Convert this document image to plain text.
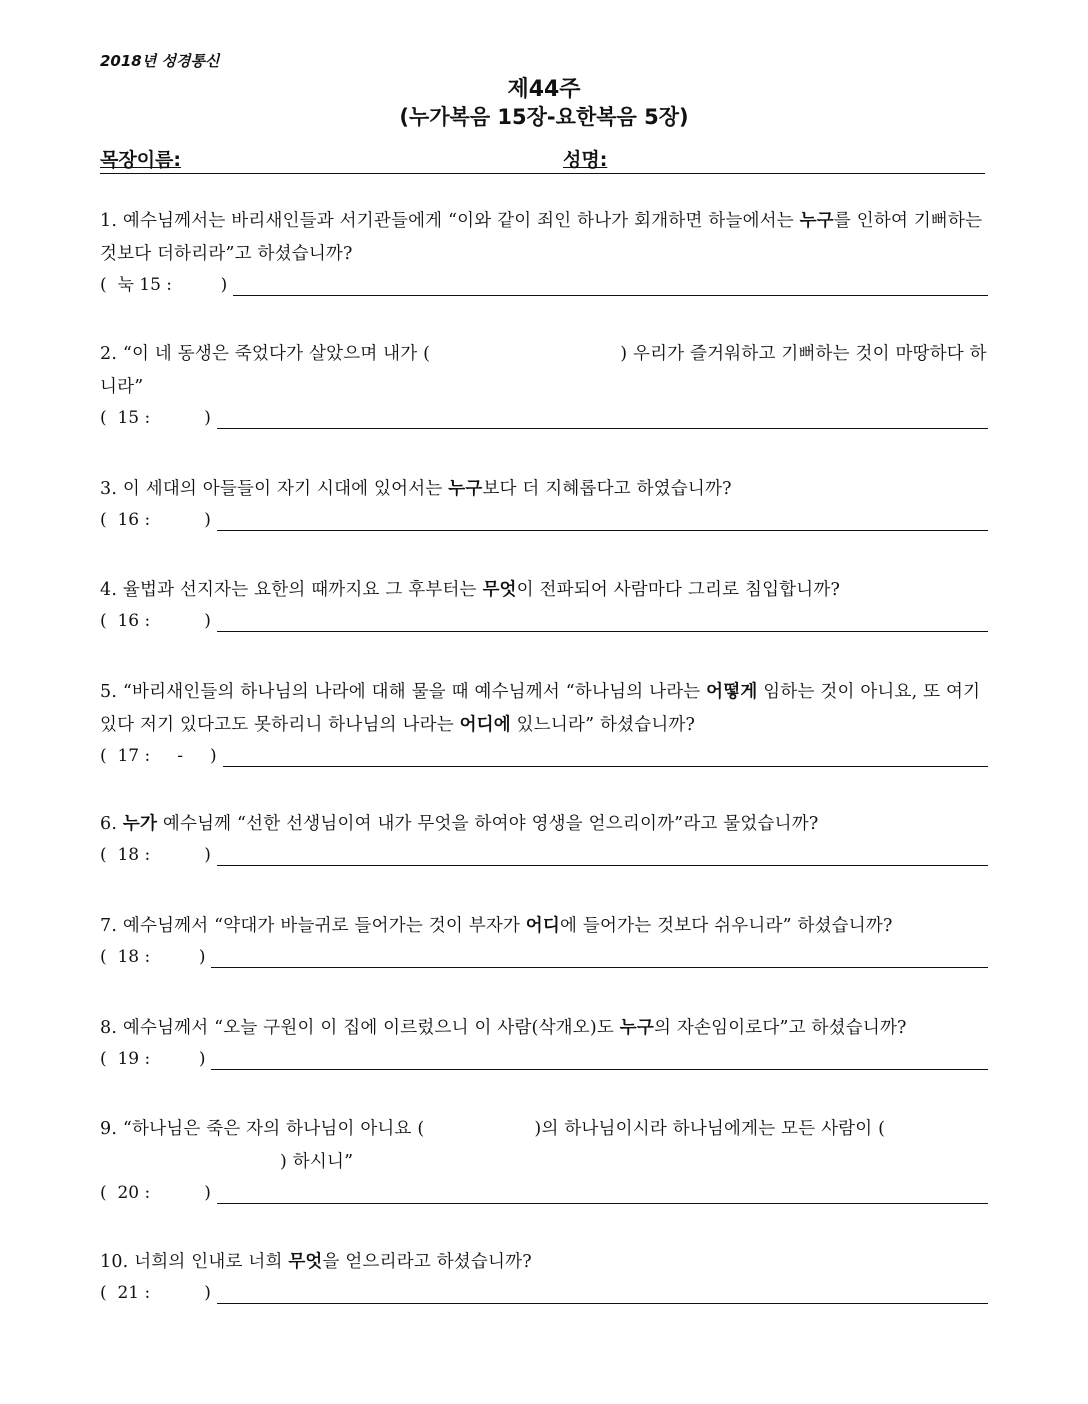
2018년 성경통신
제44주
(누가복음 15장-요한복음 5장)
목장이름:	성명:
1. 예수님께서는 바리새인들과 서기관들에게 “이와 같이 죄인 하나가 회개하면 하늘에서는 누구를 인하여 기뻐하는 것보다 더하리라”고 하셨습니까?
(  눅 15 :         )
2. “이 네 동생은 죽었다가 살았으며 내가 (	) 우리가 즐거워하고 기뻐하는 것이 마땅하다 하니라”
(  15 :          )
3. 이 세대의 아들들이 자기 시대에 있어서는 누구보다 더 지혜롭다고 하였습니까?
(  16 :          )
4. 율법과 선지자는 요한의 때까지요 그 후부터는 무엇이 전파되어 사람마다 그리로 침입합니까?
(  16 :          )
5. “바리새인들의 하나님의 나라에 대해 물을 때 예수님께서 “하나님의 나라는 어떻게 임하는 것이 아니요, 또 여기 있다 저기 있다고도 못하리니 하나님의 나라는 어디에 있느니라” 하셨습니까?
(  17 :     -     )
6. 누가 예수님께 “선한 선생님이여 내가 무엇을 하여야 영생을 얻으리이까”라고 물었습니까?
(  18 :          )
7. 예수님께서 “약대가 바늘귀로 들어가는 것이 부자가 어디에 들어가는 것보다 쉬우니라” 하셨습니까?
(  18 :         )
8. 예수님께서 “오늘 구원이 이 집에 이르렀으니 이 사람(삭개오)도 누구의 자손임이로다”고 하셨습니까?
(  19 :         )
9. “하나님은 죽은 자의 하나님이 아니요 (	)의 하나님이시라 하나님에게는 모든 사람이 () 하시니”
(  20 :          )
10. 너희의 인내로 너희 무엇을 얻으리라고 하셨습니까?
(  21 :          )
